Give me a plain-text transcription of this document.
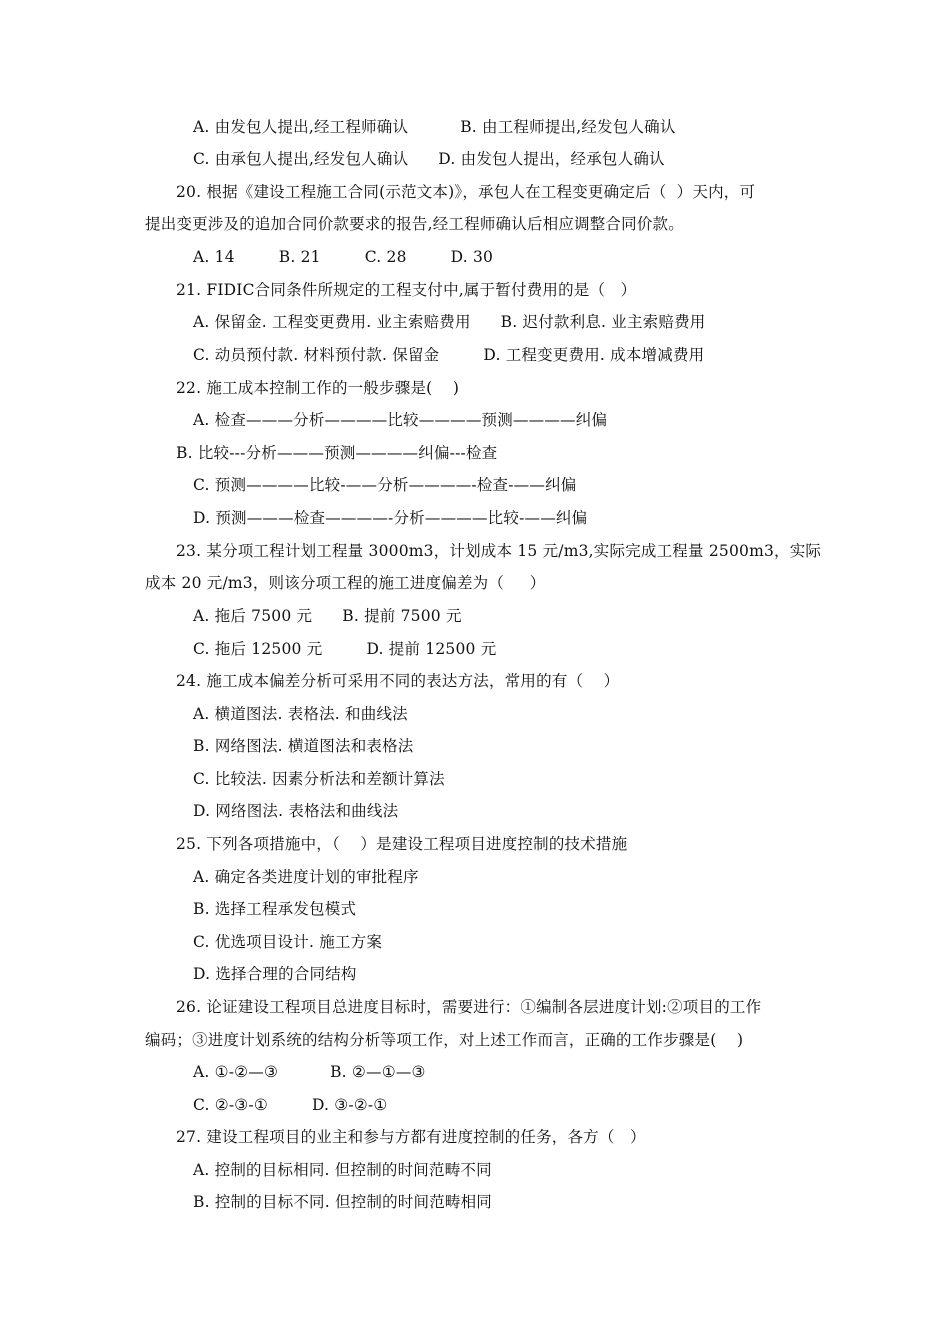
A. 由发包人提出,经工程师确认	B. 由工程师提出,经发包人确认
C. 由承包人提出,经发包人确认 D. 由发包人提出，经承包人确认
20. 根据《建设工程施工合同(示范文本)》，承包人在工程变更确定后（  ）天内，可
提出变更涉及的追加合同价款要求的报告,经工程师确认后相应调整合同价款。
A. 14	B. 21	C. 28	D. 30
21. FIDIC合同条件所规定的工程支付中,属于暂付费用的是（   ）
A. 保留金. 工程变更费用. 业主索赔费用 B. 迟付款利息. 业主索赔费用
C. 动员预付款. 材料预付款. 保留金	D. 工程变更费用. 成本增减费用
22. 施工成本控制工作的一般步骤是(    )
A. 检查———分析————比较————预测————纠偏
B. 比较---分析———预测————纠偏---检查
C. 预测————比较-——分析————-检查-——纠偏
D. 预测———检查————-分析————比较-——纠偏
23. 某分项工程计划工程量 3000m3，计划成本 15 元/m3,实际完成工程量 2500m3，实际
成本 20 元/m3，则该分项工程的施工进度偏差为（     ）
A. 拖后 7500 元 B. 提前 7500 元
C. 拖后 12500 元	D. 提前 12500 元
24. 施工成本偏差分析可采用不同的表达方法，常用的有（    ）
A. 横道图法. 表格法. 和曲线法
B. 网络图法. 横道图法和表格法
C. 比较法. 因素分析法和差额计算法
D. 网络图法. 表格法和曲线法
25. 下列各项措施中，（    ）是建设工程项目进度控制的技术措施
A. 确定各类进度计划的审批程序
B. 选择工程承发包模式
C. 优选项目设计. 施工方案
D. 选择合理的合同结构
26. 论证建设工程项目总进度目标时，需要进行：①编制各层进度计划:②项目的工作
编码；③进度计划系统的结构分析等项工作，对上述工作而言，正确的工作步骤是(    )
A. ①-②—③	B. ②—①—③
C. ②-③-①	D. ③-②-①
27. 建设工程项目的业主和参与方都有进度控制的任务，各方（   ）
A. 控制的目标相同. 但控制的时间范畴不同
B. 控制的目标不同. 但控制的时间范畴相同
